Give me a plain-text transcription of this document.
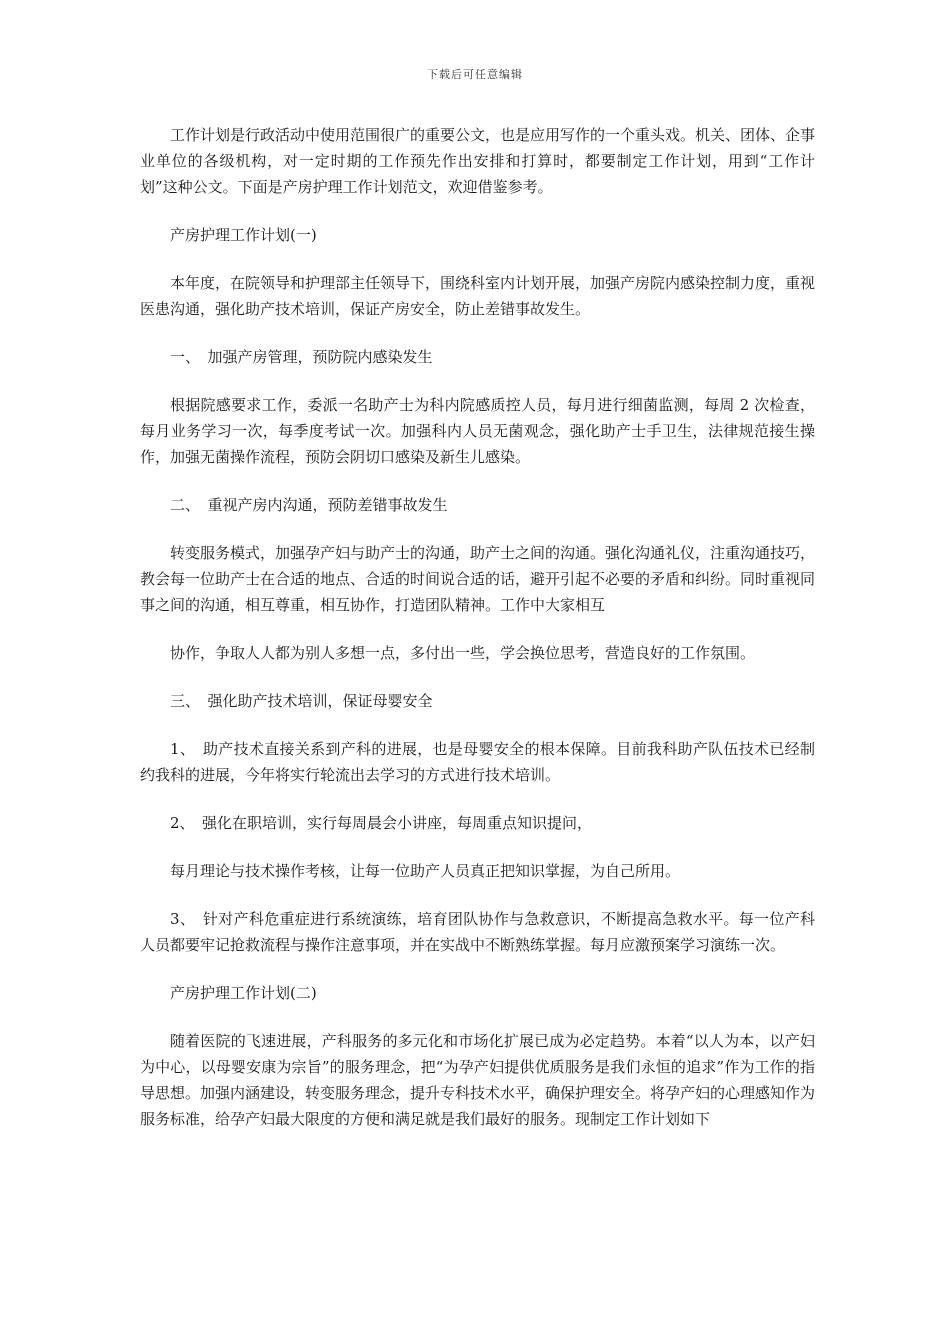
下载后可任意编辑

工作计划是行政活动中使用范围很广的重要公文，也是应用写作的一个重头戏。机关、团体、企事业单位的各级机构，对一定时期的工作预先作出安排和打算时，都要制定工作计划，用到“工作计划”这种公文。下面是产房护理工作计划范文，欢迎借鉴参考。

产房护理工作计划(一)

本年度，在院领导和护理部主任领导下，围绕科室内计划开展，加强产房院内感染控制力度，重视医患沟通，强化助产技术培训，保证产房安全，防止差错事故发生。

一、　加强产房管理，预防院内感染发生

根据院感要求工作，委派一名助产士为科内院感质控人员，每月进行细菌监测，每周 2 次检查，每月业务学习一次，每季度考试一次。加强科内人员无菌观念，强化助产士手卫生，法律规范接生操作，加强无菌操作流程，预防会阴切口感染及新生儿感染。

二、　重视产房内沟通，预防差错事故发生

转变服务模式，加强孕产妇与助产士的沟通，助产士之间的沟通。强化沟通礼仪，注重沟通技巧，教会每一位助产士在合适的地点、合适的时间说合适的话，避开引起不必要的矛盾和纠纷。同时重视同事之间的沟通，相互尊重，相互协作，打造团队精神。工作中大家相互

协作，争取人人都为别人多想一点，多付出一些，学会换位思考，营造良好的工作氛围。

三、　强化助产技术培训，保证母婴安全

1、　助产技术直接关系到产科的进展，也是母婴安全的根本保障。目前我科助产队伍技术已经制约我科的进展，今年将实行轮流出去学习的方式进行技术培训。

2、　强化在职培训，实行每周晨会小讲座，每周重点知识提问，

每月理论与技术操作考核，让每一位助产人员真正把知识掌握，为自己所用。

3、　针对产科危重症进行系统演练，培育团队协作与急救意识，不断提高急救水平。每一位产科人员都要牢记抢救流程与操作注意事项，并在实战中不断熟练掌握。每月应激预案学习演练一次。

产房护理工作计划(二)

随着医院的飞速进展，产科服务的多元化和市场化扩展已成为必定趋势。本着“以人为本，以产妇为中心，以母婴安康为宗旨”的服务理念，把“为孕产妇提供优质服务是我们永恒的追求”作为工作的指导思想。加强内涵建设，转变服务理念，提升专科技术水平，确保护理安全。将孕产妇的心理感知作为服务标准，给孕产妇最大限度的方便和满足就是我们最好的服务。现制定工作计划如下
